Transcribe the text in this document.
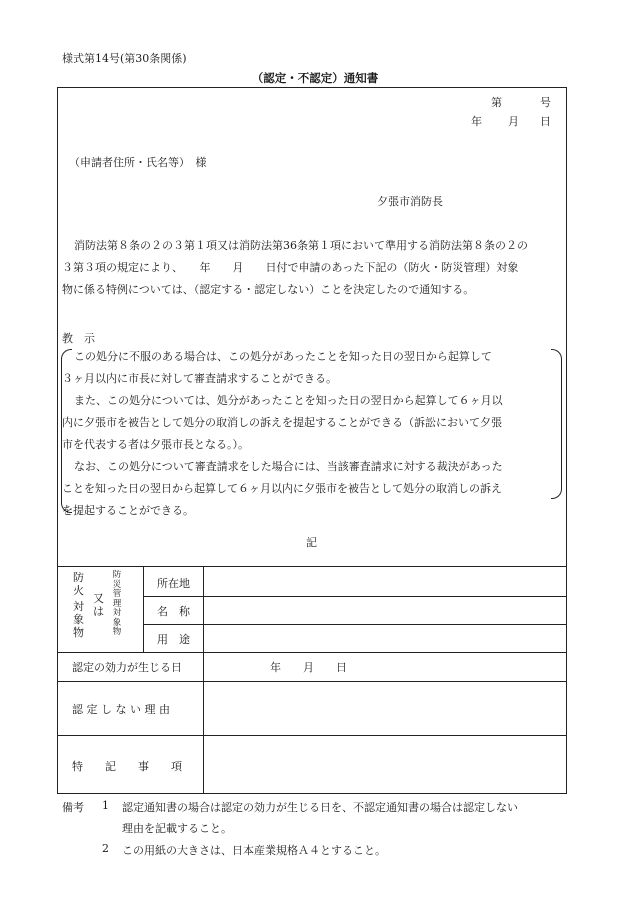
様式第14号(第30条関係)
（認定・不認定）通知書
第	号
年 月 日
（申請者住所・氏名等）　様
夕張市消防長
消防法第８条の２の３第１項又は消防法第36条第１項において準用する消防法第８条の２の
３第３項の規定により、　　年　　月　　日付で申請のあった下記の（防火・防災管理）対象
物に係る特例については、（認定する・認定しない）ことを決定したので通知する。
教　示
この処分に不服のある場合は、この処分があったことを知った日の翌日から起算して
３ヶ月以内に市長に対して審査請求することができる。
また、この処分については、処分があったことを知った日の翌日から起算して６ヶ月以
内に夕張市を被告として処分の取消しの訴えを提起することができる（訴訟において夕張
市を代表する者は夕張市長となる。）。
なお、この処分について審査請求をした場合には、当該審査請求に対する裁決があった
ことを知った日の翌日から起算して６ヶ月以内に夕張市を被告として処分の取消しの訴え
を提起することができる。
記
防火
対象物
又は
防災管理対象物
所在地
名　称
用　途
認定の効力が生じる日	年　　月　　日
認 定 し な い 理 由
特　　記　　事　　項
備考 1 認定通知書の場合は認定の効力が生じる日を、不認定通知書の場合は認定しない
理由を記載すること。
2 この用紙の大きさは、日本産業規格Ａ４とすること。
